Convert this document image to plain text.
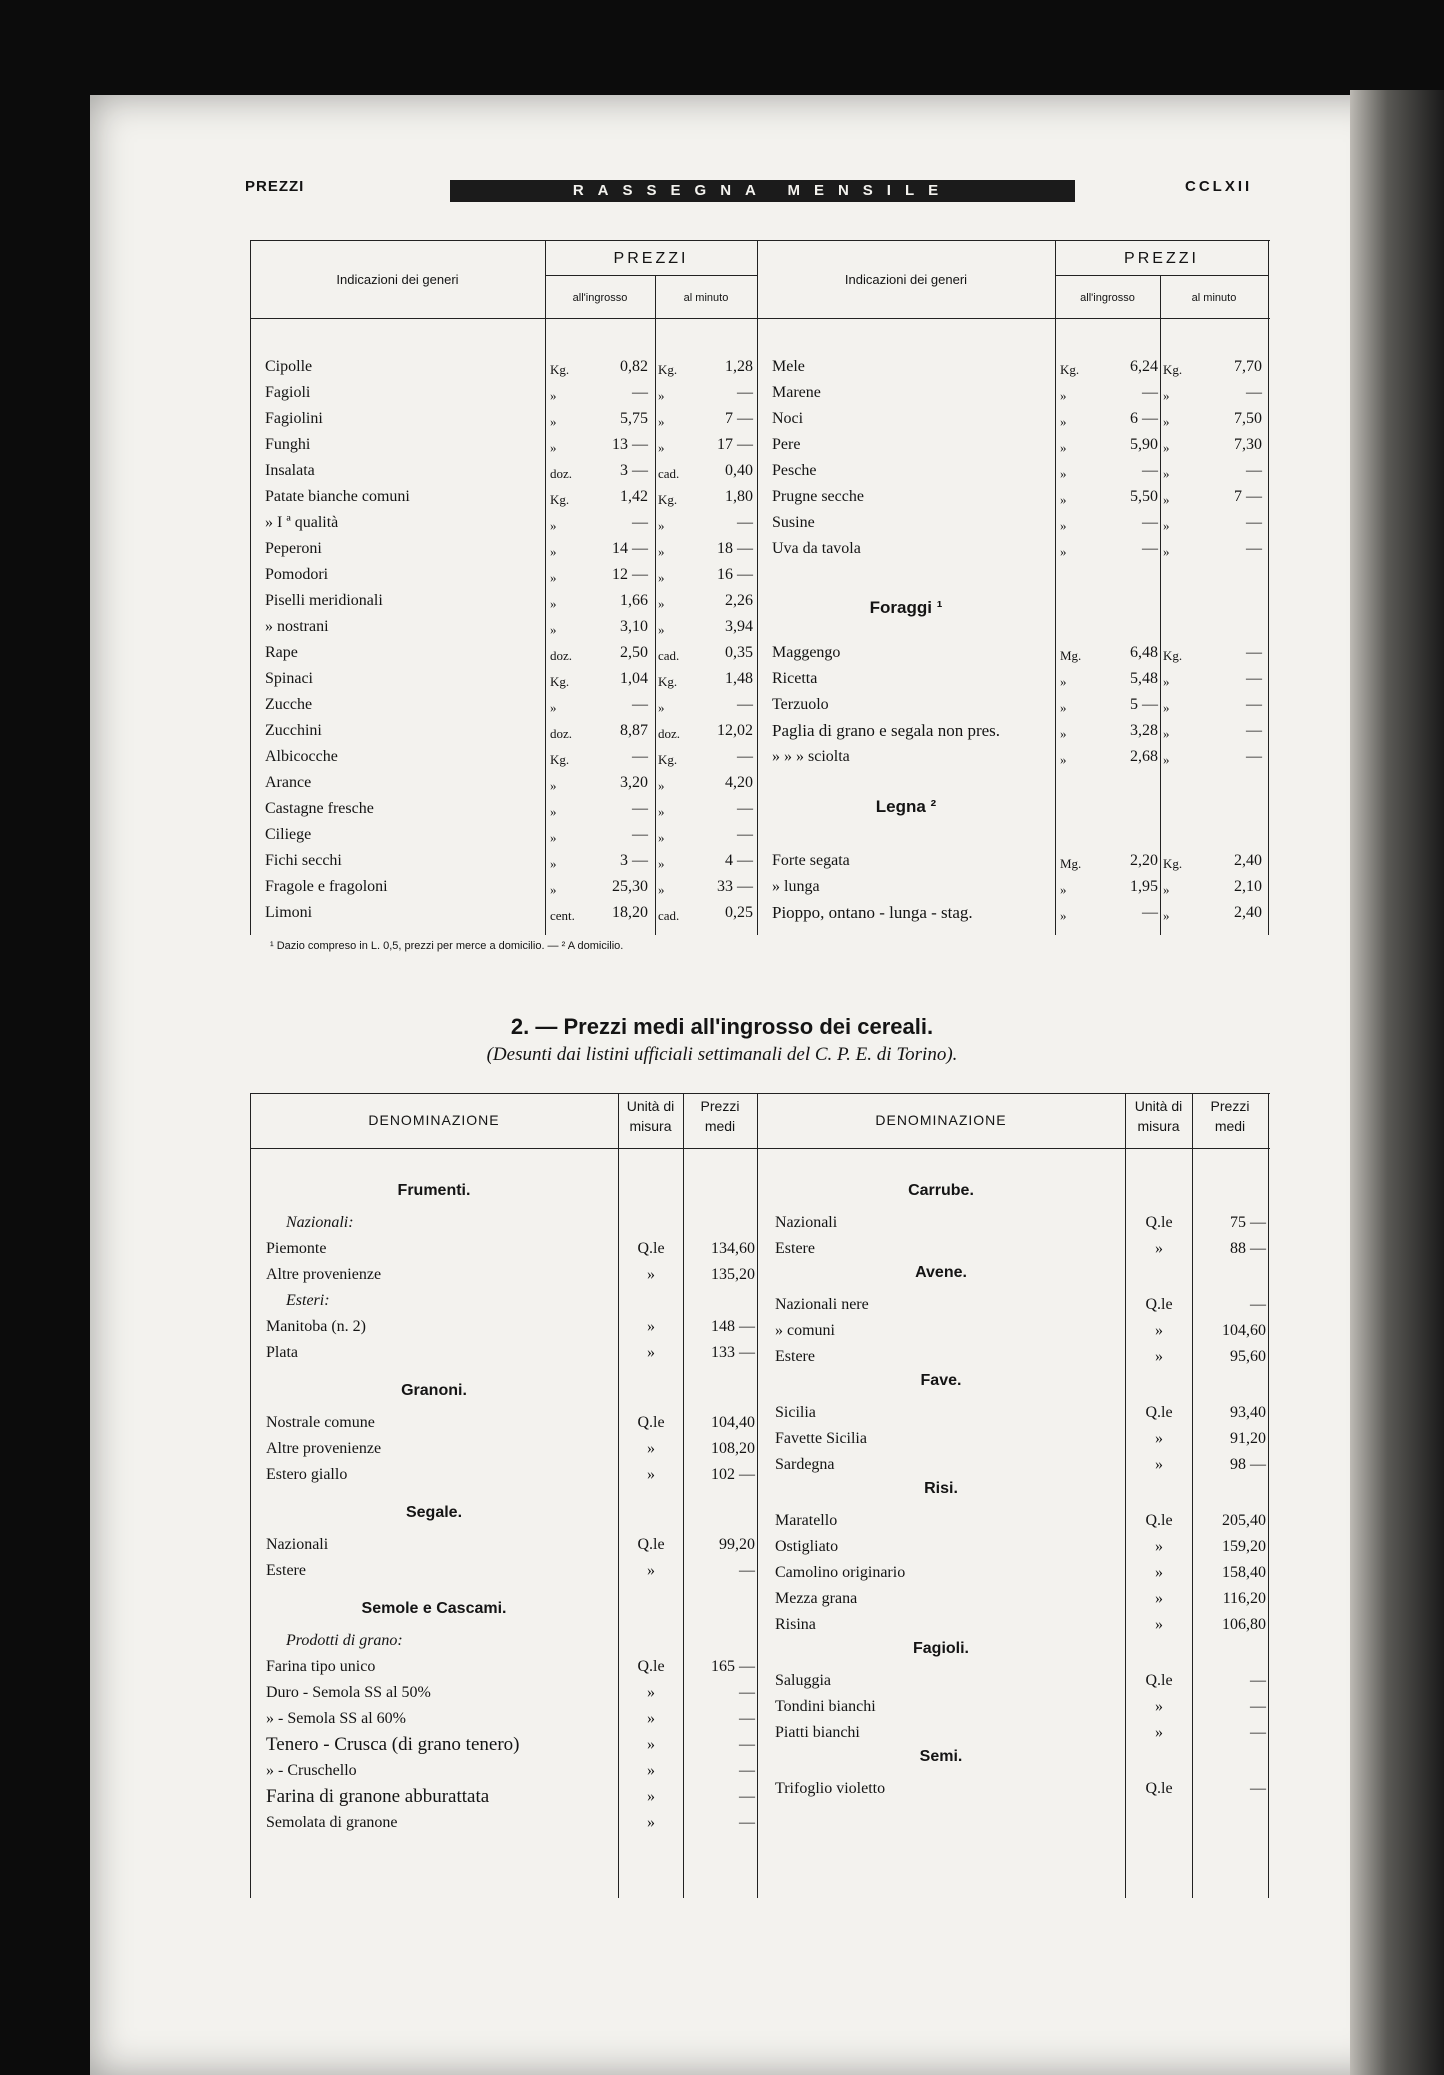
PREZZI	RASSEGNA MENSILE	CCLXII
Indicazioni dei generi
PREZZI
all'ingrosso	al minuto
Indicazioni dei generi
PREZZI
all'ingrosso	al minuto
Cipolle	Kg.	0,82 Kg.	1,28
Fagioli	»	— »	—
Fagiolini	»	5,75 »	7 —
Funghi	»	13 — »	17 —
Insalata	doz.	3 — cad.	0,40
Patate bianche comuni	Kg.	1,42 Kg.	1,80
» I ª qualità	»	— »	—
Peperoni	»	14 — »	18 —
Pomodori	»	12 — »	16 —
Piselli meridionali	»	1,66 »	2,26
» nostrani	»	3,10 »	3,94
Rape	doz.	2,50 cad.	0,35
Spinaci	Kg.	1,04 Kg.	1,48
Zucche	»	— »	—
Zucchini	doz.	8,87 doz.	12,02
Albicocche	Kg.	— Kg.	—
Arance	»	3,20 »	4,20
Castagne fresche	»	— »	—
Ciliege	»	— »	—
Fichi secchi	»	3 — »	4 —
Fragole e fragoloni	»	25,30 »	33 —
Limoni	cent.	18,20 cad.	0,25
Mele	Kg.	6,24 Kg.	7,70
Marene	»	— »	—
Noci	»	6 — »	7,50
Pere	»	5,90 »	7,30
Pesche	»	— »	—
Prugne secche	»	5,50 »	7 —
Susine	»	— »	—
Uva da tavola	»	— »	—
Foraggi ¹
Maggengo	Mg.	6,48 Kg.	—
Ricetta	»	5,48 »	—
Terzuolo	»	5 — »	—
Paglia di grano e segala non pres.	»	3,28 »	—
» » » sciolta	»	2,68 »	—
Legna ²
Forte segata	Mg.	2,20 Kg.	2,40
» lunga	»	1,95 »	2,10
Pioppo, ontano - lunga - stag.	»	— »	2,40
¹ Dazio compreso in L. 0,5, prezzi per merce a domicilio. — ² A domicilio.
2. — Prezzi medi all'ingrosso dei cereali.
(Desunti dai listini ufficiali settimanali del C. P. E. di Torino).
DENOMINAZIONE
Unità di
misura
Prezzi
medi	DENOMINAZIONE
Unità di
misura
Prezzi
medi
Frumenti.
Nazionali:
Piemonte	Q.le	134,60
Altre provenienze	»	135,20
Esteri:
Manitoba (n. 2)	»	148 —
Plata	»	133 —
Granoni.
Nostrale comune	Q.le	104,40
Altre provenienze	»	108,20
Estero giallo	»	102 —
Segale.
Nazionali	Q.le	99,20
Estere	»	—
Semole e Cascami.
Prodotti di grano:
Farina tipo unico	Q.le	165 —
Duro - Semola SS al 50%	»	—
» - Semola SS al 60%	»	—
Tenero - Crusca (di grano tenero)	»	—
» - Cruschello	»	—
Farina di granone abburattata	»	—
Semolata di granone	»	—
Carrube.
Nazionali	Q.le	75 —
Estere	»	88 —
Avene.
Nazionali nere	Q.le	—
» comuni	»	104,60
Estere	»	95,60
Fave.
Sicilia	Q.le	93,40
Favette Sicilia	»	91,20
Sardegna	»	98 —
Risi.
Maratello	Q.le	205,40
Ostigliato	»	159,20
Camolino originario	»	158,40
Mezza grana	»	116,20
Risina	»	106,80
Fagioli.
Saluggia	Q.le	—
Tondini bianchi	»	—
Piatti bianchi	»	—
Semi.
Trifoglio violetto	Q.le	—
